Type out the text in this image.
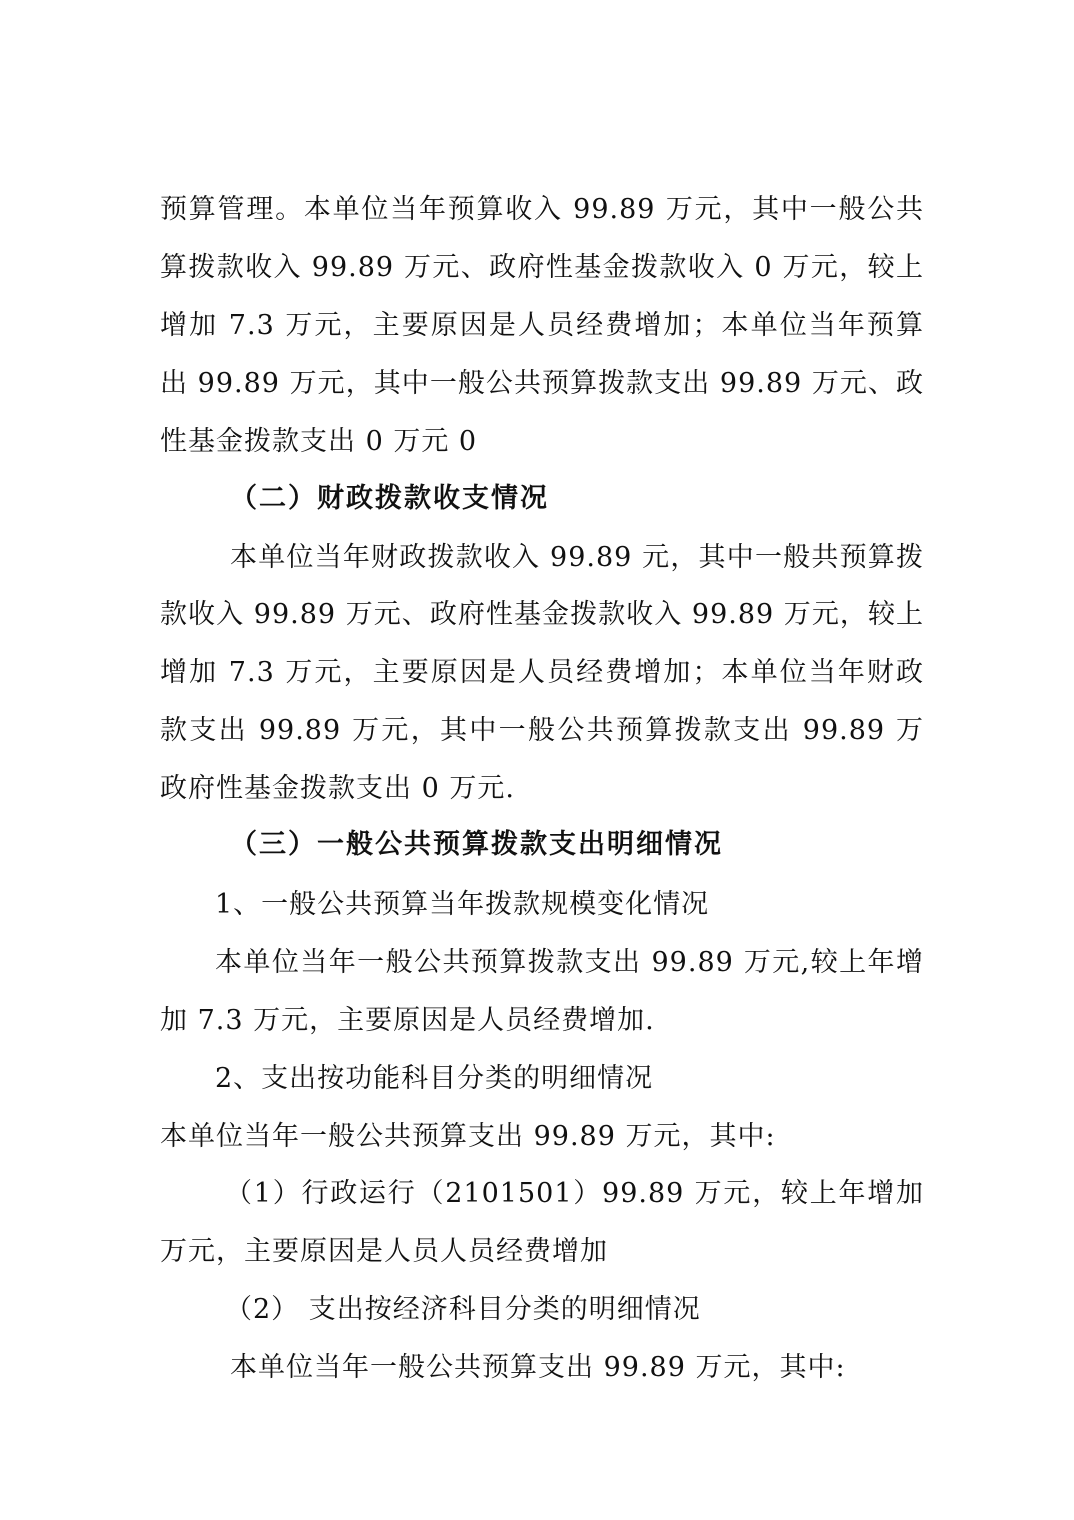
预算管理。本单位当年预算收入 99.89 万元，其中一般公共
算拨款收入 99.89 万元、政府性基金拨款收入 0 万元，较上
增加 7.3 万元，主要原因是人员经费增加；本单位当年预算
出 99.89 万元，其中一般公共预算拨款支出 99.89 万元、政
性基金拨款支出 0 万元 0
（二）财政拨款收支情况
本单位当年财政拨款收入 99.89 元，其中一般共预算拨
款收入 99.89 万元、政府性基金拨款收入 99.89 万元，较上
增加 7.3 万元，主要原因是人员经费增加；本单位当年财政
款支出 99.89 万元，其中一般公共预算拨款支出 99.89 万
政府性基金拨款支出 0 万元.
（三）一般公共预算拨款支出明细情况
1、一般公共预算当年拨款规模变化情况
本单位当年一般公共预算拨款支出 99.89 万元,较上年增
加 7.3 万元，主要原因是人员经费增加.
2、支出按功能科目分类的明细情况
本单位当年一般公共预算支出 99.89 万元，其中:
（1）行政运行（2101501）99.89 万元，较上年增加
万元，主要原因是人员人员经费增加
（2） 支出按经济科目分类的明细情况
本单位当年一般公共预算支出 99.89 万元，其中:
